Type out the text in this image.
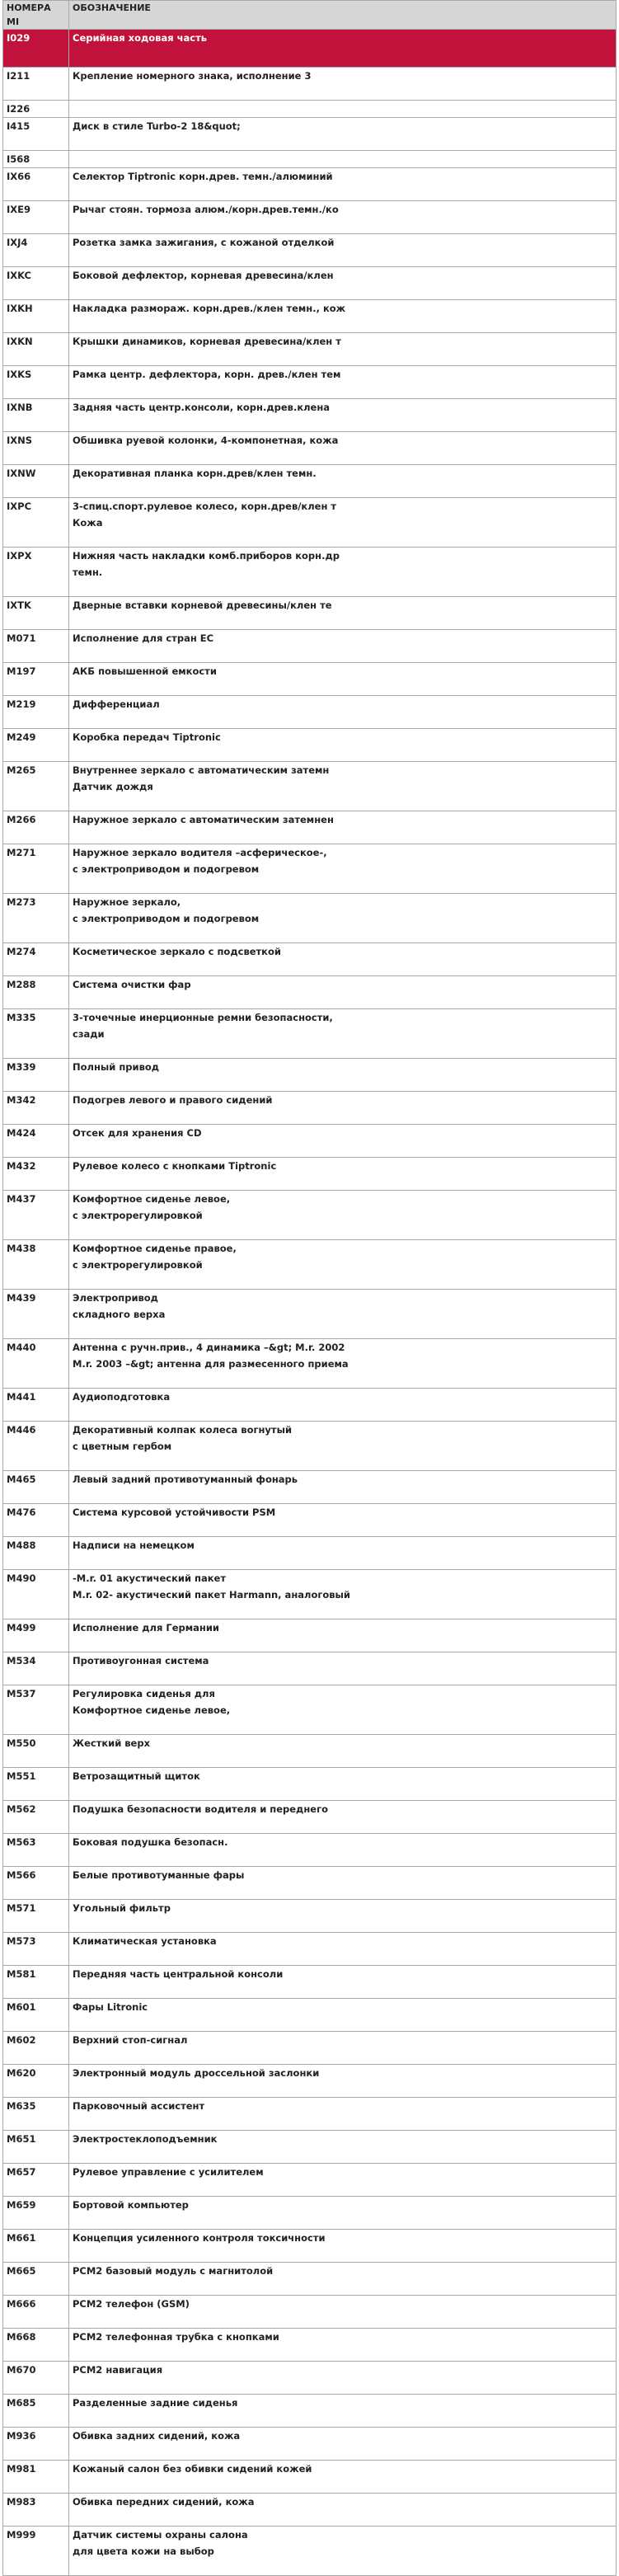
НОМЕРА МІ	ОБОЗНАЧЕНИЕ
I029	Серийная ходовая часть
I211	Крепление номерного знака, исполнение 3
I226	
I415	Диск в стиле Turbo-2 18&quot;
I568	
IX66	Селектор Tiptronic корн.древ. темн./алюминий
IXE9	Рычаг стоян. тормоза алюм./корн.древ.темн./ко
IXJ4	Розетка замка зажигания, с кожаной отделкой
IXKC	Боковой дефлектор, корневая древесина/клен
IXKH	Накладка размораж. корн.древ./клен темн., кож
IXKN	Крышки динамиков, корневая древесина/клен т
IXKS	Рамка центр. дефлектора, корн. древ./клен тем
IXNB	Задняя часть центр.консоли, корн.древ.клена
IXNS	Обшивка руевой колонки, 4-компонетная, кожа
IXNW	Декоративная планка корн.древ/клен темн.
IXPC	3-спиц.спорт.рулевое колесо, корн.древ/клен т
Кожа
IXPX	Нижняя часть накладки комб.приборов корн.др
темн.
IXTK	Дверные вставки корневой древесины/клен те
M071	Исполнение для стран ЕС
M197	АКБ повышенной емкости
M219	Дифференциал
M249	Коробка передач Tiptronic
M265	Внутреннее зеркало с автоматическим затемн
Датчик дождя
M266	Наружное зеркало с автоматическим затемнен
M271	Наружное зеркало водителя –асферическое-,
с электроприводом и подогревом
M273	Наружное зеркало,
с электроприводом и подогревом
M274	Косметическое зеркало с подсветкой
M288	Система очистки фар
M335	3-точечные инерционные ремни безопасности,
сзади
M339	Полный привод
M342	Подогрев левого и правого сидений
M424	Отсек для хранения CD
M432	Рулевое колесо с кнопками Tiptronic
M437	Комфортное сиденье левое,
с электрорегулировкой
M438	Комфортное сиденье правое,
с электрорегулировкой
M439	Электропривод
складного верха
M440	Антенна с ручн.прив., 4 динамика –&gt; M.r. 2002
M.r. 2003 –&gt; антенна для размесенного приема
M441	Аудиоподготовка
M446	Декоративный колпак колеса вогнутый
с цветным гербом
M465	Левый задний противотуманный фонарь
M476	Система курсовой устойчивости PSM
M488	Надписи на немецком
M490	-M.r. 01 акустический пакет
M.r. 02- акустический пакет Harmann, аналоговый
M499	Исполнение для Германии
M534	Противоугонная система
M537	Регулировка сиденья для
Комфортное сиденье левое,
M550	Жесткий верх
M551	Ветрозащитный щиток
M562	Подушка безопасности водителя и переднего
M563	Боковая подушка безопасн.
M566	Белые противотуманные фары
M571	Угольный фильтр
M573	Климатическая установка
M581	Передняя часть центральной консоли
M601	Фары Litronic
M602	Верхний стоп-сигнал
M620	Электронный модуль дроссельной заслонки
M635	Парковочный ассистент
M651	Электростеклоподъемник
M657	Рулевое управление с усилителем
M659	Бортовой компьютер
M661	Концепция усиленного контроля токсичности
M665	PCM2 базовый модуль с магнитолой
M666	PCM2 телефон (GSM)
M668	PCM2 телефонная трубка с кнопками
M670	PCM2 навигация
M685	Разделенные задние сиденья
M936	Обивка задних сидений, кожа
M981	Кожаный салон без обивки сидений кожей
M983	Обивка передних сидений, кожа
M999	Датчик системы охраны салона
для цвета кожи на выбор
